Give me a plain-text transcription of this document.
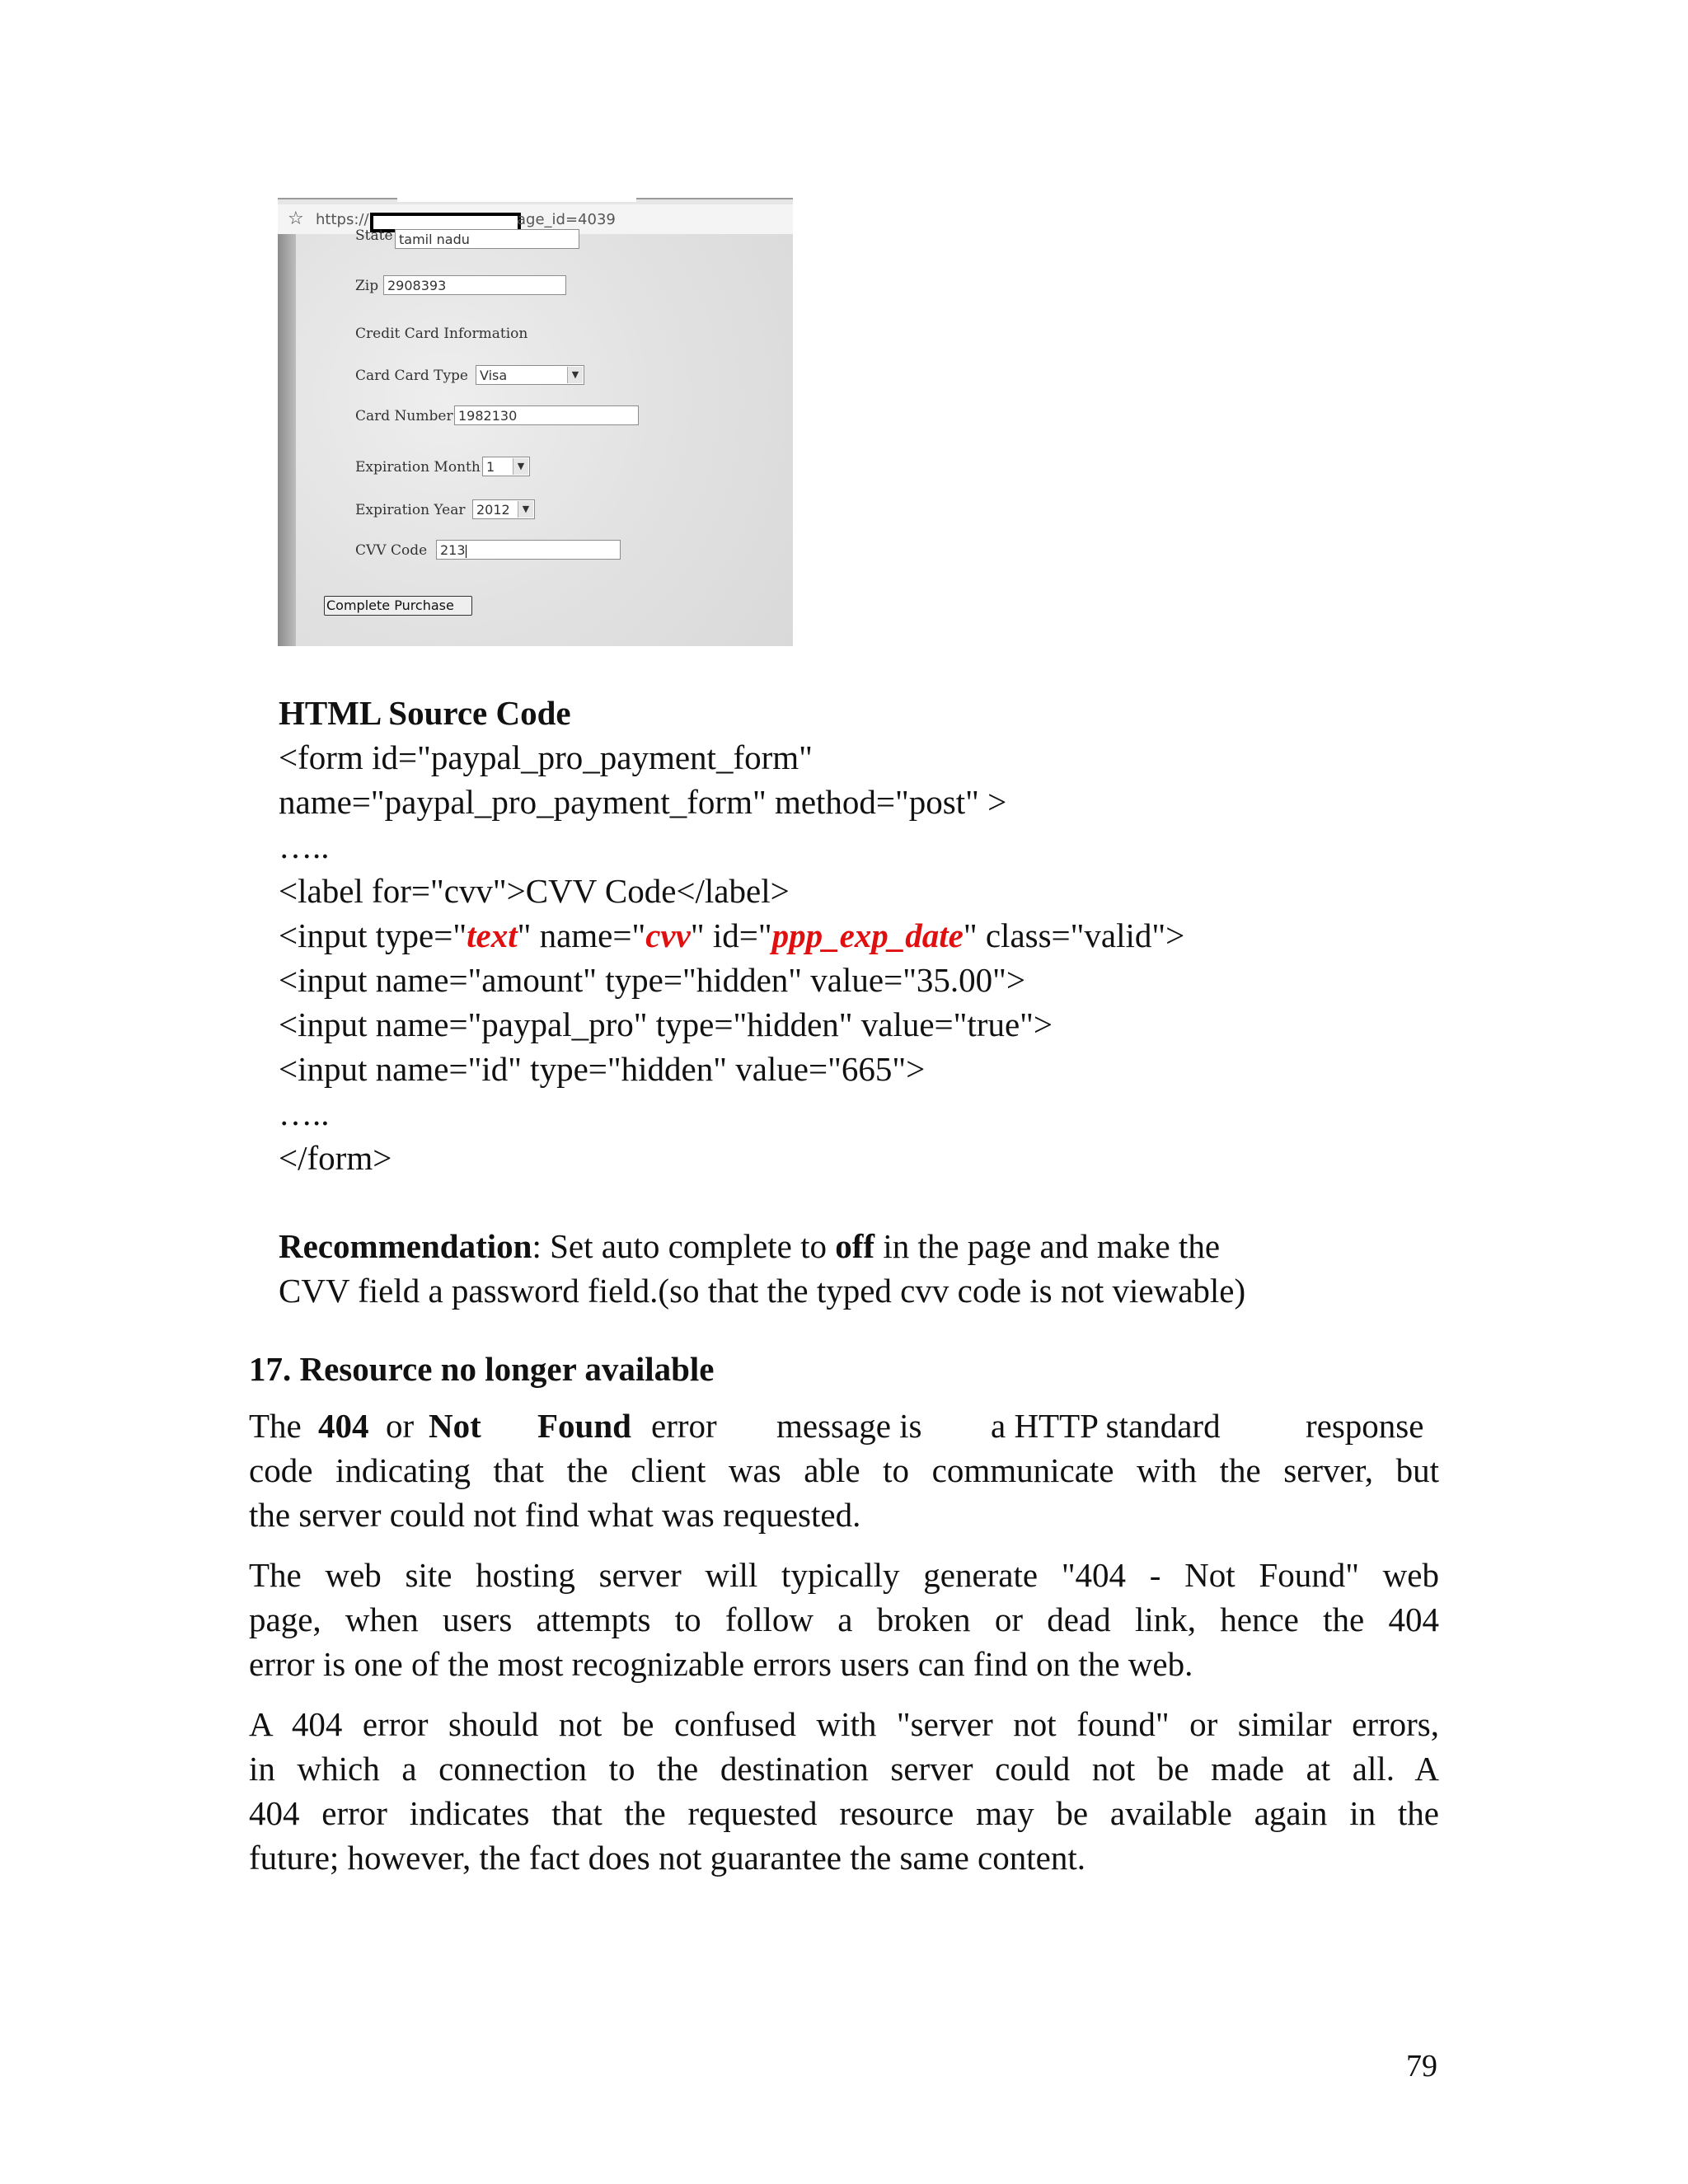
☆ https://	age_id=4039
State tamil nadu
Zip 2908393
Credit Card Information
Card Card Type Visa	▼
Card Number 1982130
Expiration Month 1	▼
Expiration Year 2012	▼
CVV Code 213
Complete Purchase
HTML Source Code
<form id="paypal_pro_payment_form"
name="paypal_pro_payment_form" method="post" >
…..
<label for="cvv">CVV Code</label>
<input type="text" name="cvv" id="ppp_exp_date" class="valid">
<input name="amount" type="hidden" value="35.00">
<input name="paypal_pro" type="hidden" value="true">
<input name="id" type="hidden" value="665">
…..
</form>
Recommendation: Set auto complete to off in the page and make the
CVV field a password field.(so that the typed cvv code is not viewable)
17. Resource no longer available
The 404 or Not Found error message is a HTTP standard	response
code indicating that the client was able to communicate with the server, but
the server could not find what was requested.
The web site hosting server will typically generate "404 - Not Found" web
page, when users attempts to follow a broken or dead link, hence the 404
error is one of the most recognizable errors users can find on the web.
A 404 error should not be confused with "server not found" or similar errors,
in which a connection to the destination server could not be made at all. A
404 error indicates that the requested resource may be available again in the
future; however, the fact does not guarantee the same content.
79
